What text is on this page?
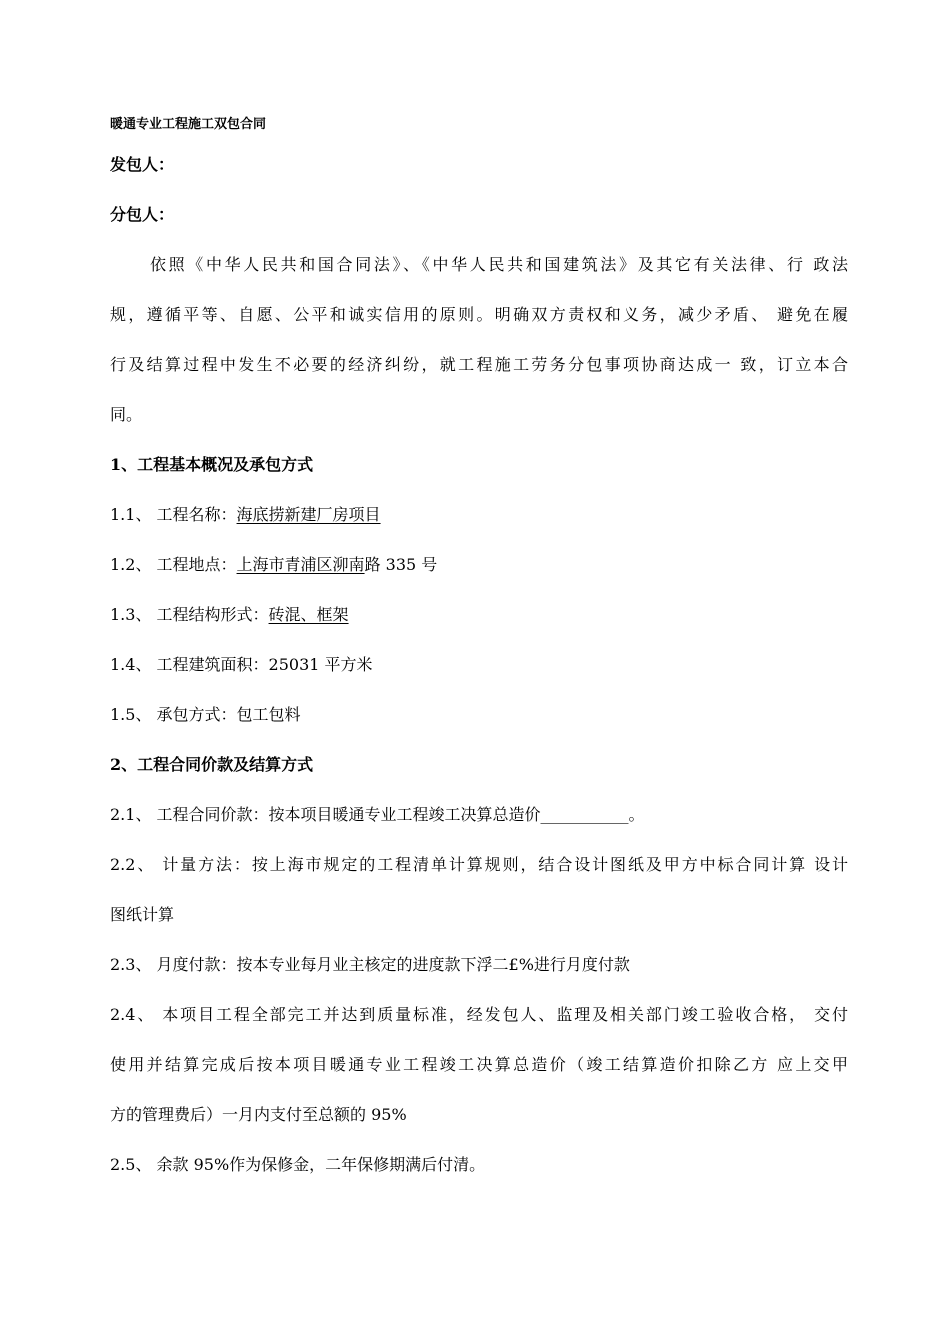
暖通专业工程施工双包合同
发包人：
分包人：
依照《中华人民共和国合同法》、《中华人民共和国建筑法》及其它有关法律、行 政法
规，遵循平等、自愿、公平和诚实信用的原则。明确双方责权和义务，减少矛盾、 避免在履
行及结算过程中发生不必要的经济纠纷，就工程施工劳务分包事项协商达成一 致，订立本合
同。
1、工程基本概况及承包方式
1.1、 工程名称：海底捞新建厂房项目
1.2、 工程地点：上海市青浦区泖南路 335 号
1.3、 工程结构形式：砖混、框架
1.4、 工程建筑面积：25031 平方米
1.5、 承包方式：包工包料
2、工程合同价款及结算方式
2.1、 工程合同价款：按本项目暖通专业工程竣工决算总造价___________。
2.2、 计量方法：按上海市规定的工程清单计算规则，结合设计图纸及甲方中标合同计算 设计
图纸计算
2.3、 月度付款：按本专业每月业主核定的进度款下浮二£%进行月度付款
2.4、 本项目工程全部完工并达到质量标准，经发包人、监理及相关部门竣工验收合格， 交付
使用并结算完成后按本项目暖通专业工程竣工决算总造价（竣工结算造价扣除乙方 应上交甲
方的管理费后）一月内支付至总额的 95%
2.5、 余款 95%作为保修金，二年保修期满后付清。
